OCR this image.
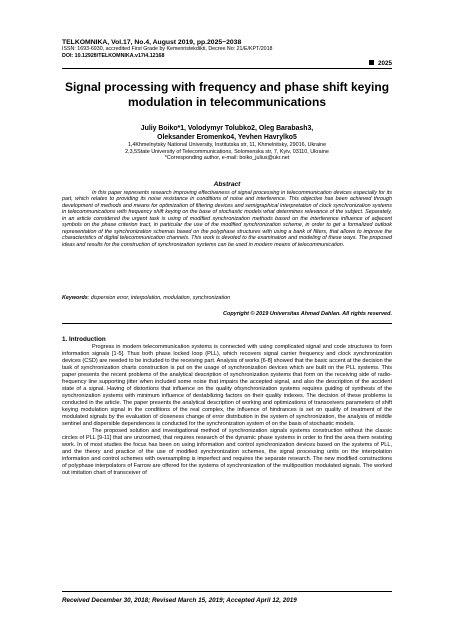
TELKOMNIKA, Vol.17, No.4, August 2019, pp.2025~2038
ISSN: 1693-6930, accredited First Grade by Kemenristekdikti, Decree No: 21/E/KPT/2018
DOI: 10.12928/TELKOMNIKA.v17i4.12168
2025
Signal processing with frequency and phase shift keying modulation in telecommunications
Juliy Boiko*1, Volodymyr Tolubko2, Oleg Barabash3,
Oleksander Eromenko4, Yevhen Havrylko5
1,4Khmelnytsky National University, Institutska str, 11, Khmelnitsky, 29016, Ukraine
2,3,5State University of Telecommunications, Solomenska str, 7, Kyiv, 03110, Ukraine
*Corresponding author, e-mail: boiko_julius@ukr.net
Abstract
In this paper represents research improving effectiveness of signal processing in telecommunication devices especially for its part, which relates to providing its noise resistance in conditions of noise and interference. This objective has been achieved through development of methods and means for optimization of filtering devices and semigraphical interpretation of clock synchronization systems in telecommunications with frequency shift keying on the base of stochastic models what determines relevance of the subject. Separately, in an article considered the urgent task is using of modified synchronization methods based on the interference influence of adjacent symbols on the phase criterion tract, in particular the use of the modified synchronization scheme, in order to get a formalized outlook representation of the synchronization schemas based on the polyphase structures with using a bank of filters, that allows to improve the characteristics of digital telecommunication channels. This work is devoted to the examination and modeling of these ways. The proposed ideas and results for the construction of synchronization systems can be used in modern means of telecommunication.
Keywords: dispersion error, interpolation, modulation, synchronization
Copyright © 2019 Universitas Ahmad Dahlan. All rights reserved.
1. Introduction

Progress in modern telecommunication systems is connected with using complicated signal and code structures to form information signals [1-5]. Thus both phase locked loop (PLL), which recovers signal carrier frequency and clock synchronization devices (CSD) are needed to be included to the receiving part. Analysis of works [6-8] showed that the basic accent at the decision the task of synchronization charts construction is put on the usage of synchronization devices which are built on the PLL systems. This paper presents the recent problems of the analytical description of synchronization systems that form on the receiving side of radio-frequency line supporting jitter when included some noise that impairs the accepted signal, and also the description of the accident state of a signal. Having of distortions that influence on the quality ofsynchronization systems requires guiding of synthesis of the synchronization systems with minimum influence of destabilizing factors on their quality indexes. The decision of these problems is conducted in the article. The paper presents the analytical description of working and optimizations of transceivers parameters of shift keying modulation signal in the conditions of the real complex, the influence of hindrances is set on quality of treatment of the modulated signals by the evaluation of closeness change of error distribution in the system of synchronization, the analysis of middle sentinel and dispersible dependences is conducted for the synchronization system of on the basis of stochastic models.

The proposed solution and investigational method of synchronization signals systems construction without the classic circles of PLL [9-11] that are unzoomed, that requires research of the dynamic phase systems in order to find the area them resisting work. In of most studies the focus has been on using information and control synchronization devices based on the systems of PLL, and the theory and practice of the use of modified synchronization schemes, the signal processing units on the interpolation information and control schemes with oversampling is imperfect and requires the separate research. The new modified constructions of polyphase interpolators of Farrow are offered for the systems of synchronization of the multiposition modulated signals. The worked out imitation chart of transceiver of

Received December 30, 2018; Revised March 15, 2019; Accepted April 12, 2019
